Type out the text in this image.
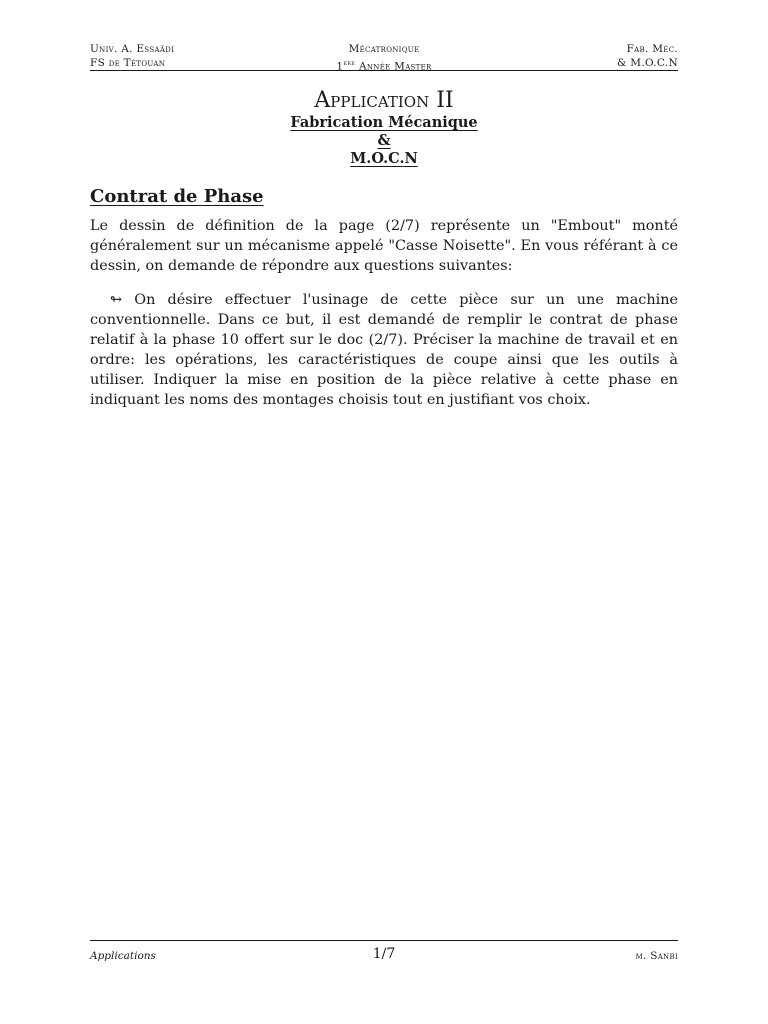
Univ. A. Essaâdi
FS de Tétouan
Mécatronique
1ère Année Master
Fab. Méc.
& M.O.C.N
Application II
Fabrication Mécanique
&
M.O.C.N
Contrat de Phase

Le dessin de définition de la page (2/7) représente un "Embout" monté généralement sur un mécanisme appelé "Casse Noisette". En vous référant à ce dessin, on demande de répondre aux questions suivantes:

↬ On désire effectuer l'usinage de cette pièce sur un une machine conventionnelle. Dans ce but, il est demandé de remplir le contrat de phase relatif à la phase 10 offert sur le doc (2/7). Préciser la machine de travail et en ordre: les opérations, les caractéristiques de coupe ainsi que les outils à utiliser. Indiquer la mise en position de la pièce relative à cette phase en indiquant les noms des montages choisis tout en justifiant vos choix.

Applications	1/7	m. Sanbi
